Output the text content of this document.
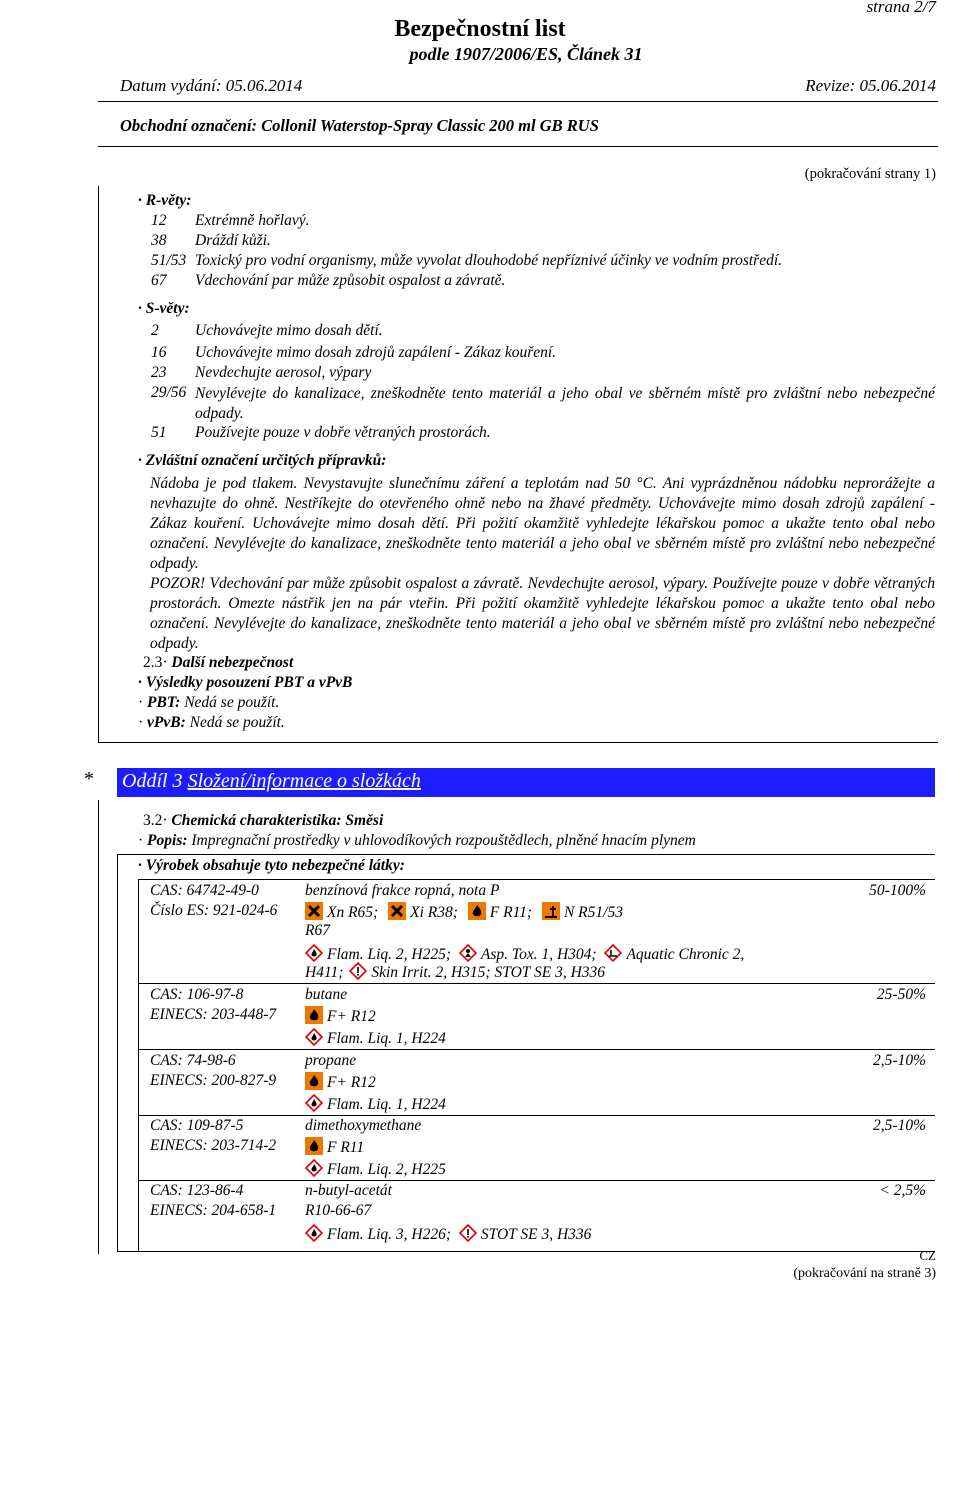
strana 2/7
Bezpečnostní list
podle 1907/2006/ES, Článek 31
Datum vydání: 05.06.2014	Revize: 05.06.2014
Obchodní označení: Collonil Waterstop-Spray Classic 200 ml GB RUS
(pokračování strany 1)
· R-věty:
12 Extrémně hořlavý.
38 Dráždí kůži.
51/53 Toxický pro vodní organismy, může vyvolat dlouhodobé nepříznivé účinky ve vodním prostředí.
67 Vdechování par může způsobit ospalost a závratě.
· S-věty:
2 Uchovávejte mimo dosah dětí.
16 Uchovávejte mimo dosah zdrojů zapálení - Zákaz kouření.
23 Nevdechujte aerosol, výpary
29/56 Nevylévejte do kanalizace, zneškodněte tento materiál a jeho obal ve sběrném místě pro zvláštní nebo nebezpečné odpady.
51 Používejte pouze v dobře větraných prostorách.
· Zvláštní označení určitých přípravků:
Nádoba je pod tlakem. Nevystavujte slunečnímu záření a teplotám nad 50 °C. Ani vyprázdněnou nádobku neprorážejte a nevhazujte do ohně. Nestříkejte do otevřeného ohně nebo na žhavé předměty. Uchovávejte mimo dosah zdrojů zapálení - Zákaz kouření. Uchovávejte mimo dosah dětí. Při požití okamžitě vyhledejte lékařskou pomoc a ukažte tento obal nebo označení. Nevylévejte do kanalizace, zneškodněte tento materiál a jeho obal ve sběrném místě pro zvláštní nebo nebezpečné odpady.
POZOR! Vdechování par může způsobit ospalost a závratě. Nevdechujte aerosol, výpary. Používejte pouze v dobře větraných prostorách. Omezte nástřik jen na pár vteřin. Při požití okamžitě vyhledejte lékařskou pomoc a ukažte tento obal nebo označení. Nevylévejte do kanalizace, zneškodněte tento materiál a jeho obal ve sběrném místě pro zvláštní nebo nebezpečné odpady.
2.3· Další nebezpečnost
· Výsledky posouzení PBT a vPvB
· PBT: Nedá se použít.
· vPvB: Nedá se použít.
* Oddíl 3 Složení/informace o složkách
3.2· Chemická charakteristika: Směsi
· Popis: Impregnační prostředky v uhlovodíkových rozpouštědlech, plněné hnacím plynem
· Výrobek obsahuje tyto nebezpečné látky:
CAS: 64742-49-0
Číslo ES: 921-024-6
benzínová frakce ropná, nota P	50-100%
Xn R65; Xi R38; F R11; N R51/53
R67
Flam. Liq. 2, H225; Asp. Tox. 1, H304; Aquatic Chronic 2,
H411; Skin Irrit. 2, H315; STOT SE 3, H336
CAS: 106-97-8
EINECS: 203-448-7
butane	25-50%
F+ R12
Flam. Liq. 1, H224
CAS: 74-98-6
EINECS: 200-827-9
propane	2,5-10%
F+ R12
Flam. Liq. 1, H224
CAS: 109-87-5
EINECS: 203-714-2
dimethoxymethane	2,5-10%
F R11
Flam. Liq. 2, H225
CAS: 123-86-4
EINECS: 204-658-1
n-butyl-acetát	< 2,5%
R10-66-67
Flam. Liq. 3, H226; STOT SE 3, H336
CZ
(pokračování na straně 3)
